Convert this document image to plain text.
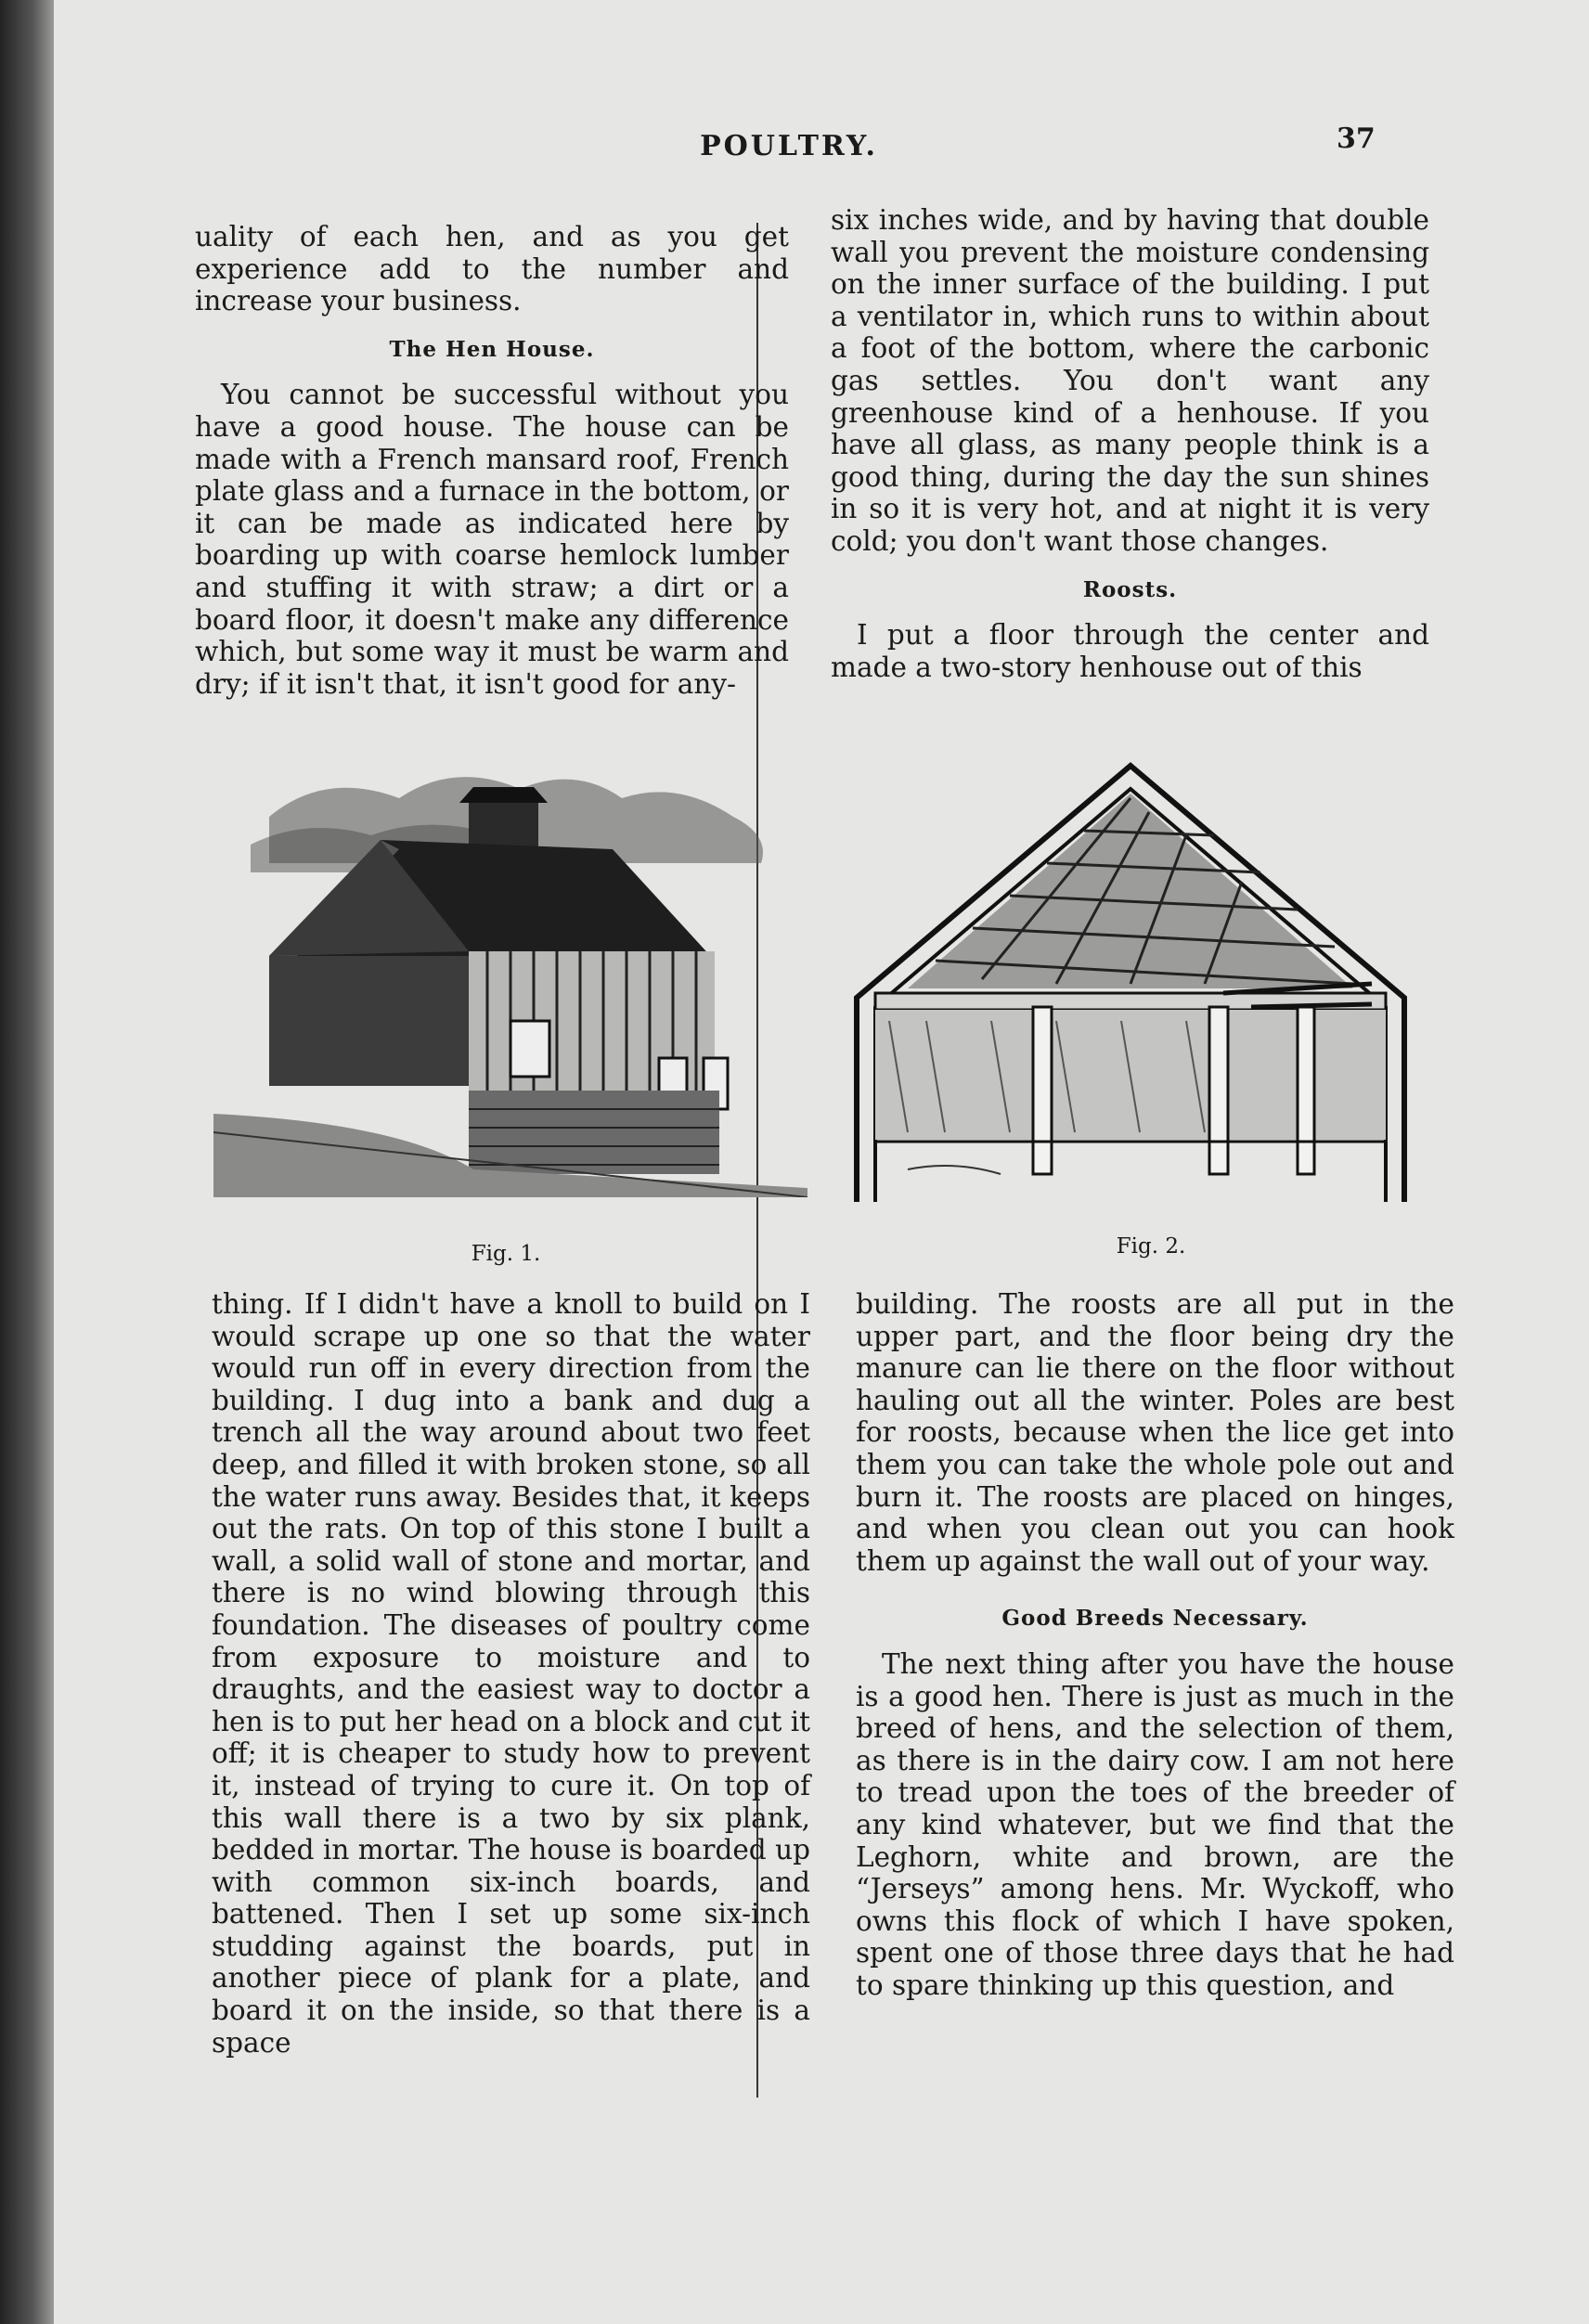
POULTRY.	37

uality of each hen, and as you get experience add to the number and increase your business.

The Hen House.

You cannot be successful without you have a good house. The house can be made with a French mansard roof, French plate glass and a furnace in the bottom, or it can be made as indicated here by boarding up with coarse hemlock lumber and stuffing it with straw; a dirt or a board floor, it doesn't make any difference which, but some way it must be warm and dry; if it isn't that, it isn't good for any-

Fig. 1.

thing. If I didn't have a knoll to build on I would scrape up one so that the water would run off in every direction from the building. I dug into a bank and dug a trench all the way around about two feet deep, and filled it with broken stone, so all the water runs away. Besides that, it keeps out the rats. On top of this stone I built a wall, a solid wall of stone and mortar, and there is no wind blowing through this foundation. The diseases of poultry come from exposure to moisture and to draughts, and the easiest way to doctor a hen is to put her head on a block and cut it off; it is cheaper to study how to prevent it, instead of trying to cure it. On top of this wall there is a two by six plank, bedded in mortar. The house is boarded up with common six-inch boards, and battened. Then I set up some six-inch studding against the boards, put in another piece of plank for a plate, and board it on the inside, so that there is a space

six inches wide, and by having that double wall you prevent the moisture condensing on the inner surface of the building. I put a ventilator in, which runs to within about a foot of the bottom, where the carbonic gas settles. You don't want any greenhouse kind of a henhouse. If you have all glass, as many people think is a good thing, during the day the sun shines in so it is very hot, and at night it is very cold; you don't want those changes.

Roosts.

I put a floor through the center and made a two-story henhouse out of this

Fig. 2.

building. The roosts are all put in the upper part, and the floor being dry the manure can lie there on the floor without hauling out all the winter. Poles are best for roosts, because when the lice get into them you can take the whole pole out and burn it. The roosts are placed on hinges, and when you clean out you can hook them up against the wall out of your way.

Good Breeds Necessary.

The next thing after you have the house is a good hen. There is just as much in the breed of hens, and the selection of them, as there is in the dairy cow. I am not here to tread upon the toes of the breeder of any kind whatever, but we find that the Leghorn, white and brown, are the “Jerseys” among hens. Mr. Wyckoff, who owns this flock of which I have spoken, spent one of those three days that he had to spare thinking up this question, and
